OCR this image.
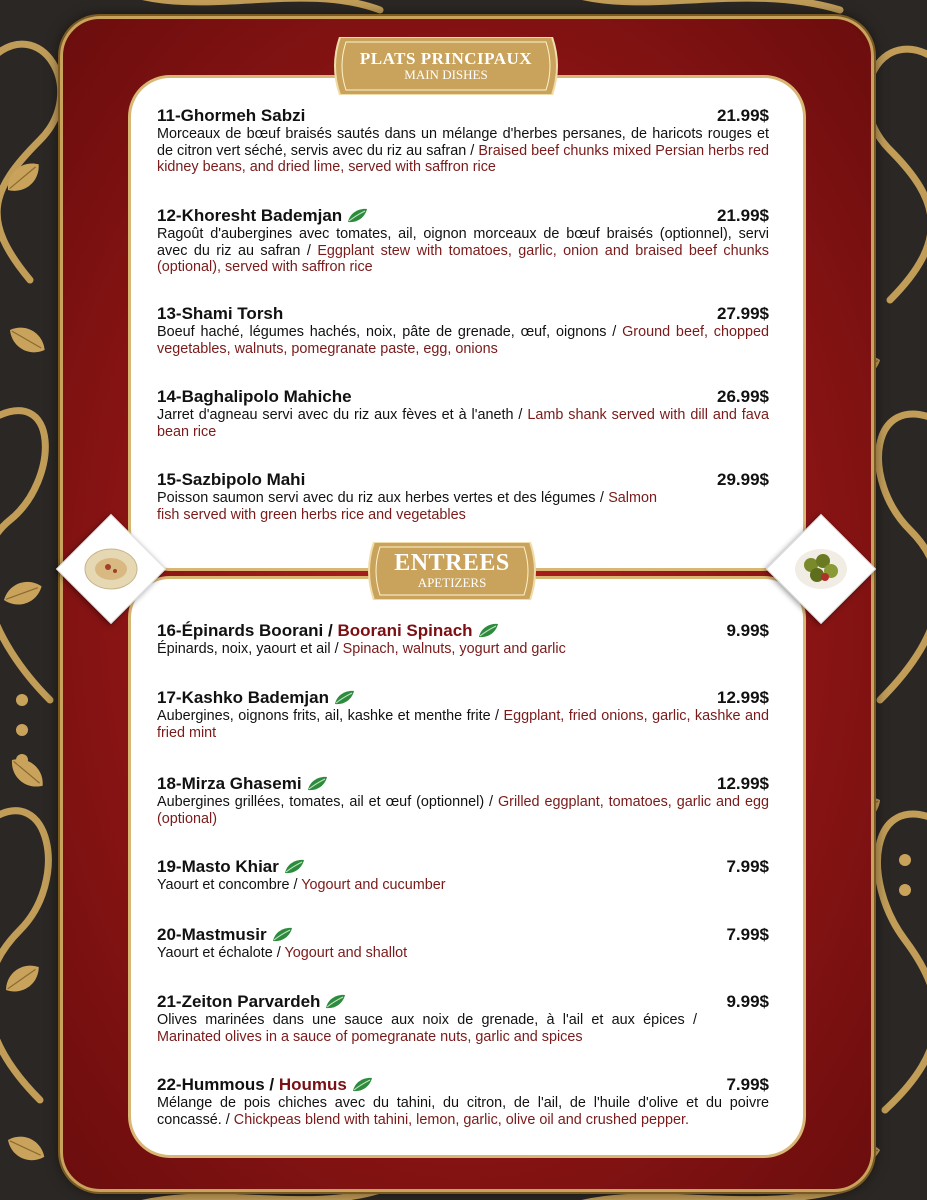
PLATS PRINCIPAUX
MAIN DISHES
ENTREES
APETIZERS
11-Ghormeh Sabzi	21.99$
Morceaux de bœuf braisés sautés dans un mélange d'herbes persanes, de haricots rouges et de citron vert séché, servis avec du riz au safran / Braised beef chunks mixed Persian herbs red kidney beans, and dried lime, served with saffron rice
12-Khoresht Bademjan	21.99$
Ragoût d'aubergines avec tomates, ail, oignon morceaux de bœuf braisés (optionnel), servi avec du riz au safran / Eggplant stew with tomatoes, garlic, onion and braised beef chunks (optional), served with saffron rice
13-Shami Torsh	27.99$
Boeuf haché, légumes hachés, noix, pâte de grenade, œuf, oignons / Ground beef, chopped vegetables, walnuts, pomegranate paste, egg, onions
14-Baghalipolo Mahiche	26.99$
Jarret d'agneau servi avec du riz aux fèves et à l'aneth / Lamb shank served with dill and fava bean rice
15-Sazbipolo Mahi	29.99$
Poisson saumon servi avec du riz aux herbes vertes et des légumes / Salmon fish served with green herbs rice and vegetables
16-Épinards Boorani / Boorani Spinach	9.99$
Épinards, noix, yaourt et ail / Spinach, walnuts, yogurt and garlic
17-Kashko Bademjan	12.99$
Aubergines, oignons frits, ail, kashke et menthe frite / Eggplant, fried onions, garlic, kashke and fried mint
18-Mirza Ghasemi	12.99$
Aubergines grillées, tomates, ail et œuf (optionnel) / Grilled eggplant, tomatoes, garlic and egg (optional)
19-Masto Khiar	7.99$
Yaourt et concombre / Yogourt and cucumber
20-Mastmusir	7.99$
Yaourt et échalote / Yogourt and shallot
21-Zeiton Parvardeh	9.99$
Olives marinées dans une sauce aux noix de grenade, à l'ail et aux épices / Marinated olives in a sauce of pomegranate nuts, garlic and spices
22-Hummous / Houmus	7.99$
Mélange de pois chiches avec du tahini, du citron, de l'ail, de l'huile d'olive et du poivre concassé. / Chickpeas blend with tahini, lemon, garlic, olive oil and crushed pepper.
